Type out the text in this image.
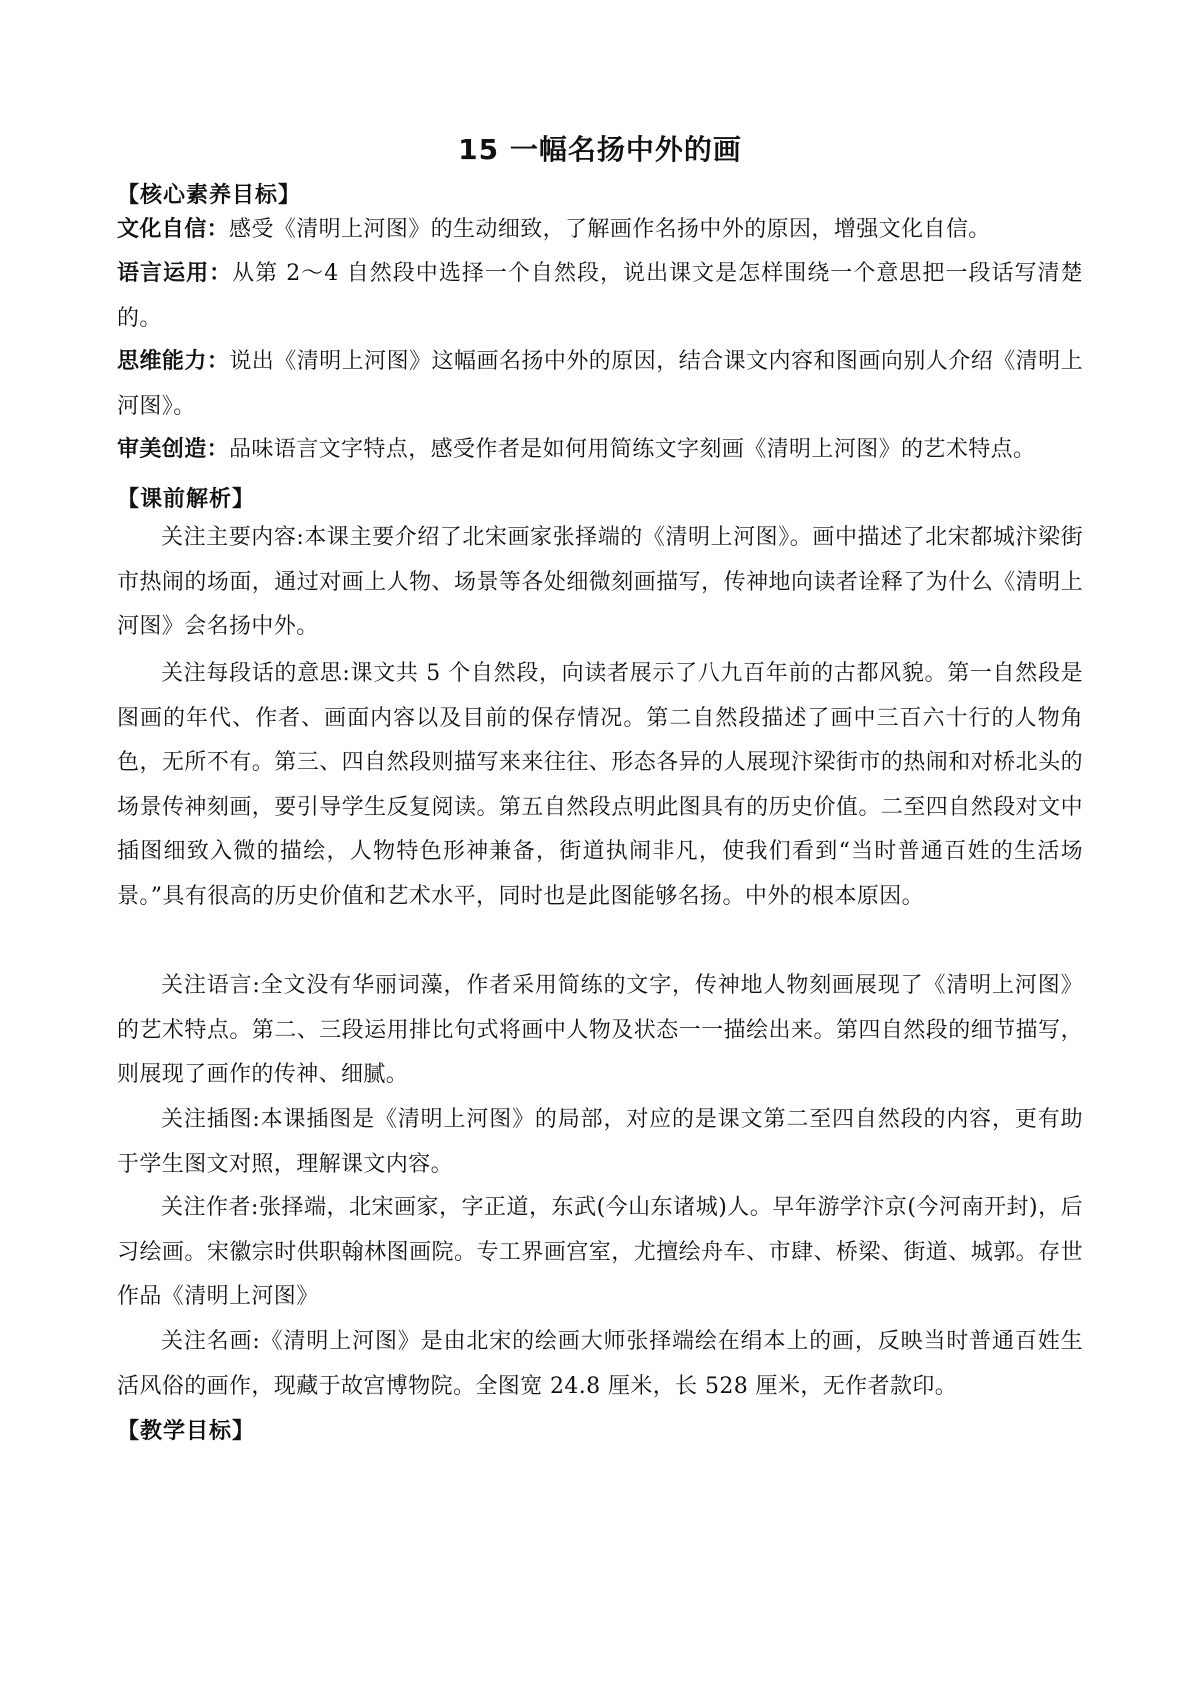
15 一幅名扬中外的画
【核心素养目标】
文化自信：感受《清明上河图》的生动细致，了解画作名扬中外的原因，增强文化自信。
语言运用：从第 2～4 自然段中选择一个自然段，说出课文是怎样围绕一个意思把一段话写清楚的。
思维能力：说出《清明上河图》这幅画名扬中外的原因，结合课文内容和图画向别人介绍《清明上河图》。
审美创造：品味语言文字特点，感受作者是如何用简练文字刻画《清明上河图》的艺术特点。
【课前解析】
关注主要内容:本课主要介绍了北宋画家张择端的《清明上河图》。画中描述了北宋都城汴梁街市热闹的场面，通过对画上人物、场景等各处细微刻画描写，传神地向读者诠释了为什么《清明上河图》会名扬中外。
关注每段话的意思:课文共 5 个自然段，向读者展示了八九百年前的古都风貌。第一自然段是图画的年代、作者、画面内容以及目前的保存情况。第二自然段描述了画中三百六十行的人物角色，无所不有。第三、四自然段则描写来来往往、形态各异的人展现汴梁街市的热闹和对桥北头的场景传神刻画，要引导学生反复阅读。第五自然段点明此图具有的历史价值。二至四自然段对文中插图细致入微的描绘，人物特色形神兼备，街道执闹非凡，使我们看到“当时普通百姓的生活场景。”具有很高的历史价值和艺术水平，同时也是此图能够名扬。中外的根本原因。
关注语言:全文没有华丽词藻，作者采用简练的文字，传神地人物刻画展现了《清明上河图》的艺术特点。第二、三段运用排比句式将画中人物及状态一一描绘出来。第四自然段的细节描写，则展现了画作的传神、细腻。
关注插图:本课插图是《清明上河图》的局部，对应的是课文第二至四自然段的内容，更有助于学生图文对照，理解课文内容。
关注作者:张择端，北宋画家，字正道，东武(今山东诸城)人。早年游学汴京(今河南开封)，后习绘画。宋徽宗时供职翰林图画院。专工界画宫室，尤擅绘舟车、市肆、桥梁、街道、城郭。存世作品《清明上河图》
关注名画:《清明上河图》是由北宋的绘画大师张择端绘在绢本上的画，反映当时普通百姓生活风俗的画作，现藏于故宫博物院。全图宽 24.8 厘米，长 528 厘米，无作者款印。
【教学目标】
